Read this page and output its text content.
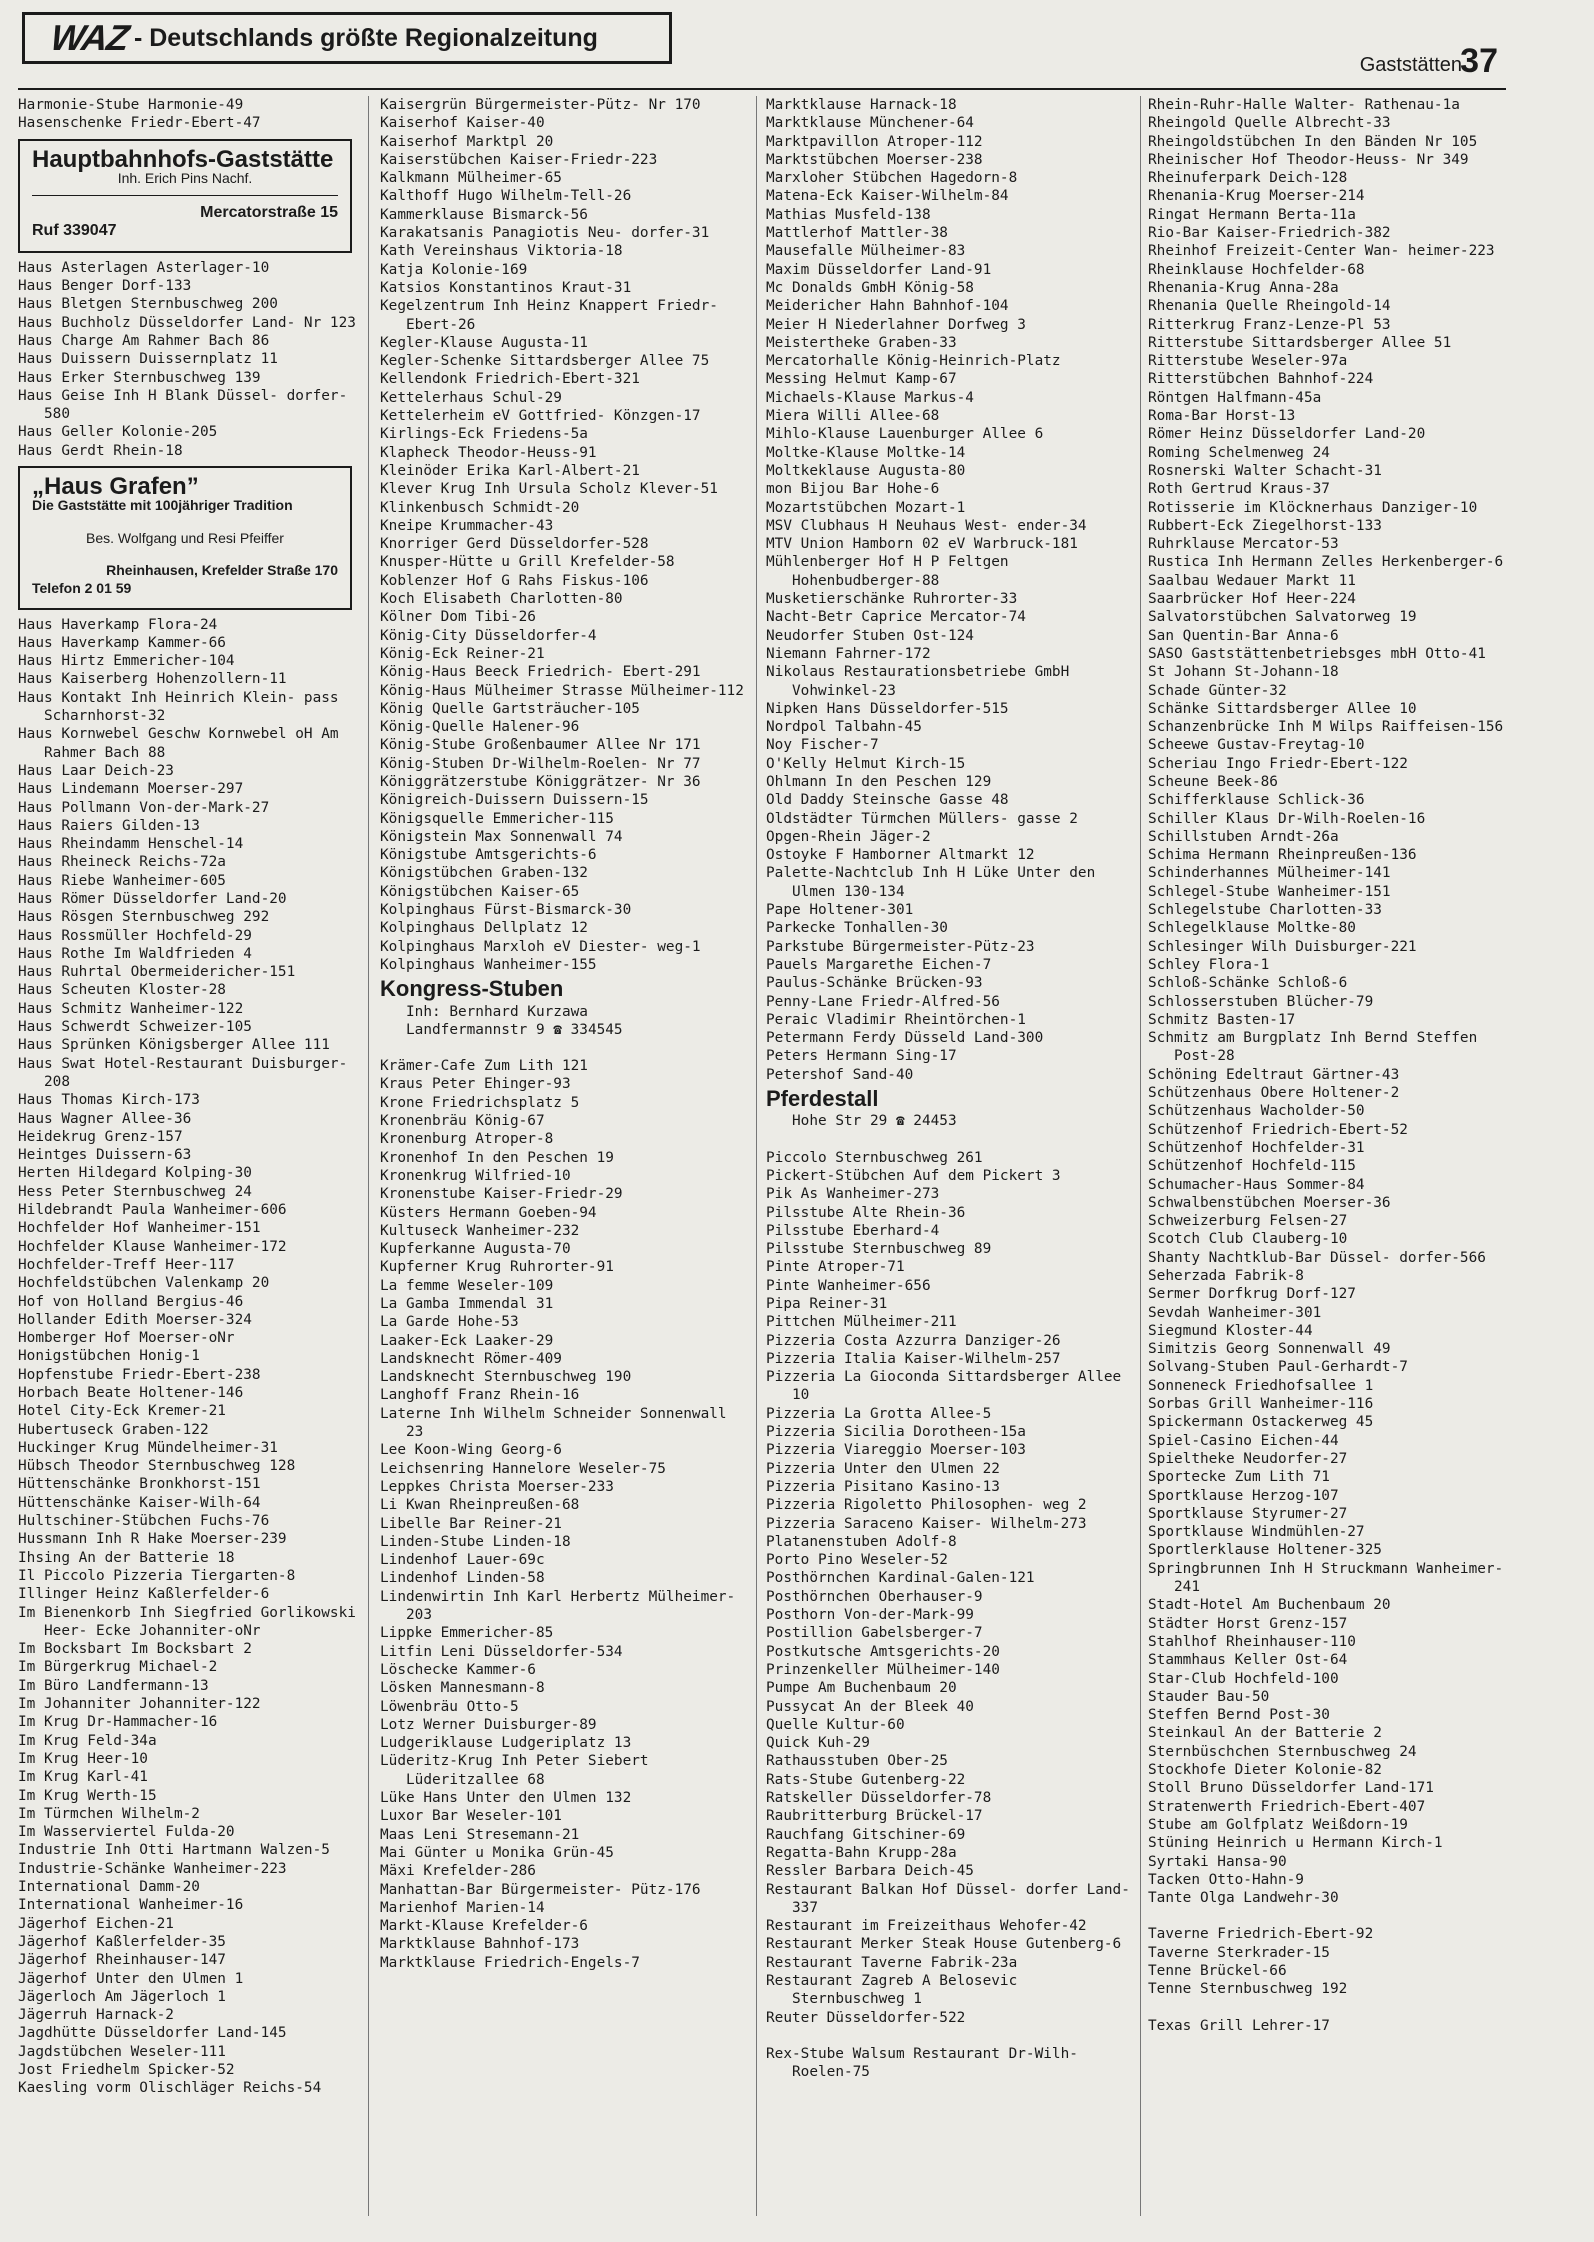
WAZ - Deutschlands größte Regionalzeitung
Gaststätten
37
Harmonie-Stube Harmonie-49
Hasenschenke Friedr-Ebert-47
Hauptbahnhofs-Gaststätte
Inh. Erich Pins Nachf.
Mercatorstraße 15
Ruf 339047
Haus Asterlagen Asterlager-10
Haus Benger Dorf-133
Haus Bletgen Sternbuschweg 200
Haus Buchholz Düsseldorfer Land- Nr 123
Haus Charge Am Rahmer Bach 86
Haus Duissern Duissernplatz 11
Haus Erker Sternbuschweg 139
Haus Geise Inh H Blank Düssel- dorfer-580
Haus Geller Kolonie-205
Haus Gerdt Rhein-18
„Haus Grafen”
Die Gaststätte mit 100jähriger Tradition
Bes. Wolfgang und Resi Pfeiffer
Rheinhausen, Krefelder Straße 170
Telefon 2 01 59
Haus Haverkamp Flora-24
Haus Haverkamp Kammer-66
Haus Hirtz Emmericher-104
Haus Kaiserberg Hohenzollern-11
Haus Kontakt Inh Heinrich Klein- pass Scharnhorst-32
Haus Kornwebel Geschw Kornwebel oH Am Rahmer Bach 88
Haus Laar Deich-23
Haus Lindemann Moerser-297
Haus Pollmann Von-der-Mark-27
Haus Raiers Gilden-13
Haus Rheindamm Henschel-14
Haus Rheineck Reichs-72a
Haus Riebe Wanheimer-605
Haus Römer Düsseldorfer Land-20
Haus Rösgen Sternbuschweg 292
Haus Rossmüller Hochfeld-29
Haus Rothe Im Waldfrieden 4
Haus Ruhrtal Obermeidericher-151
Haus Scheuten Kloster-28
Haus Schmitz Wanheimer-122
Haus Schwerdt Schweizer-105
Haus Sprünken Königsberger Allee 111
Haus Swat Hotel-Restaurant Duisburger-208
Haus Thomas Kirch-173
Haus Wagner Allee-36
Heidekrug Grenz-157
Heintges Duissern-63
Herten Hildegard Kolping-30
Hess Peter Sternbuschweg 24
Hildebrandt Paula Wanheimer-606
Hochfelder Hof Wanheimer-151
Hochfelder Klause Wanheimer-172
Hochfelder-Treff Heer-117
Hochfeldstübchen Valenkamp 20
Hof von Holland Bergius-46
Hollander Edith Moerser-324
Homberger Hof Moerser-oNr
Honigstübchen Honig-1
Hopfenstube Friedr-Ebert-238
Horbach Beate Holtener-146
Hotel City-Eck Kremer-21
Hubertuseck Graben-122
Huckinger Krug Mündelheimer-31
Hübsch Theodor Sternbuschweg 128
Hüttenschänke Bronkhorst-151
Hüttenschänke Kaiser-Wilh-64
Hultschiner-Stübchen Fuchs-76
Hussmann Inh R Hake Moerser-239
Ihsing An der Batterie 18
Il Piccolo Pizzeria Tiergarten-8
Illinger Heinz Kaßlerfelder-6
Im Bienenkorb Inh Siegfried Gorlikowski Heer- Ecke Johanniter-oNr
Im Bocksbart Im Bocksbart 2
Im Bürgerkrug Michael-2
Im Büro Landfermann-13
Im Johanniter Johanniter-122
Im Krug Dr-Hammacher-16
Im Krug Feld-34a
Im Krug Heer-10
Im Krug Karl-41
Im Krug Werth-15
Im Türmchen Wilhelm-2
Im Wasserviertel Fulda-20
Industrie Inh Otti Hartmann Walzen-5
Industrie-Schänke Wanheimer-223
International Damm-20
International Wanheimer-16
Jägerhof Eichen-21
Jägerhof Kaßlerfelder-35
Jägerhof Rheinhauser-147
Jägerhof Unter den Ulmen 1
Jägerloch Am Jägerloch 1
Jägerruh Harnack-2
Jagdhütte Düsseldorfer Land-145
Jagdstübchen Weseler-111
Jost Friedhelm Spicker-52
Kaesling vorm Olischläger Reichs-54
Kaisergrün Bürgermeister-Pütz- Nr 170
Kaiserhof Kaiser-40
Kaiserhof Marktpl 20
Kaiserstübchen Kaiser-Friedr-223
Kalkmann Mülheimer-65
Kalthoff Hugo Wilhelm-Tell-26
Kammerklause Bismarck-56
Karakatsanis Panagiotis Neu- dorfer-31
Kath Vereinshaus Viktoria-18
Katja Kolonie-169
Katsios Konstantinos Kraut-31
Kegelzentrum Inh Heinz Knappert Friedr-Ebert-26
Kegler-Klause Augusta-11
Kegler-Schenke Sittardsberger Allee 75
Kellendonk Friedrich-Ebert-321
Kettelerhaus Schul-29
Kettelerheim eV Gottfried- Könzgen-17
Kirlings-Eck Friedens-5a
Klapheck Theodor-Heuss-91
Kleinöder Erika Karl-Albert-21
Klever Krug Inh Ursula Scholz Klever-51
Klinkenbusch Schmidt-20
Kneipe Krummacher-43
Knorriger Gerd Düsseldorfer-528
Knusper-Hütte u Grill Krefelder-58
Koblenzer Hof G Rahs Fiskus-106
Koch Elisabeth Charlotten-80
Kölner Dom Tibi-26
König-City Düsseldorfer-4
König-Eck Reiner-21
König-Haus Beeck Friedrich- Ebert-291
König-Haus Mülheimer Strasse Mülheimer-112
König Quelle Gartsträucher-105
König-Quelle Halener-96
König-Stube Großenbaumer Allee Nr 171
König-Stuben Dr-Wilhelm-Roelen- Nr 77
Königgrätzerstube Königgrätzer- Nr 36
Königreich-Duissern Duissern-15
Königsquelle Emmericher-115
Königstein Max Sonnenwall 74
Königstube Amtsgerichts-6
Königstübchen Graben-132
Königstübchen Kaiser-65
Kolpinghaus Fürst-Bismarck-30
Kolpinghaus Dellplatz 12
Kolpinghaus Marxloh eV Diester- weg-1
Kolpinghaus Wanheimer-155
Kongress-Stuben
Inh: Bernhard Kurzawa
Landfermannstr 9 ☎ 334545
Krämer-Cafe Zum Lith 121
Kraus Peter Ehinger-93
Krone Friedrichsplatz 5
Kronenbräu König-67
Kronenburg Atroper-8
Kronenhof In den Peschen 19
Kronenkrug Wilfried-10
Kronenstube Kaiser-Friedr-29
Küsters Hermann Goeben-94
Kultuseck Wanheimer-232
Kupferkanne Augusta-70
Kupferner Krug Ruhrorter-91
La femme Weseler-109
La Gamba Immendal 31
La Garde Hohe-53
Laaker-Eck Laaker-29
Landsknecht Römer-409
Landsknecht Sternbuschweg 190
Langhoff Franz Rhein-16
Laterne Inh Wilhelm Schneider Sonnenwall 23
Lee Koon-Wing Georg-6
Leichsenring Hannelore Weseler-75
Leppkes Christa Moerser-233
Li Kwan Rheinpreußen-68
Libelle Bar Reiner-21
Linden-Stube Linden-18
Lindenhof Lauer-69c
Lindenhof Linden-58
Lindenwirtin Inh Karl Herbertz Mülheimer-203
Lippke Emmericher-85
Litfin Leni Düsseldorfer-534
Löschecke Kammer-6
Lösken Mannesmann-8
Löwenbräu Otto-5
Lotz Werner Duisburger-89
Ludgeriklause Ludgeriplatz 13
Lüderitz-Krug Inh Peter Siebert Lüderitzallee 68
Lüke Hans Unter den Ulmen 132
Luxor Bar Weseler-101
Maas Leni Stresemann-21
Mai Günter u Monika Grün-45
Mäxi Krefelder-286
Manhattan-Bar Bürgermeister- Pütz-176
Marienhof Marien-14
Markt-Klause Krefelder-6
Marktklause Bahnhof-173
Marktklause Friedrich-Engels-7
Marktklause Harnack-18
Marktklause Münchener-64
Marktpavillon Atroper-112
Marktstübchen Moerser-238
Marxloher Stübchen Hagedorn-8
Matena-Eck Kaiser-Wilhelm-84
Mathias Musfeld-138
Mattlerhof Mattler-38
Mausefalle Mülheimer-83
Maxim Düsseldorfer Land-91
Mc Donalds GmbH König-58
Meidericher Hahn Bahnhof-104
Meier H Niederlahner Dorfweg 3
Meistertheke Graben-33
Mercatorhalle König-Heinrich-Platz
Messing Helmut Kamp-67
Michaels-Klause Markus-4
Miera Willi Allee-68
Mihlo-Klause Lauenburger Allee 6
Moltke-Klause Moltke-14
Moltkeklause Augusta-80
mon Bijou Bar Hohe-6
Mozartstübchen Mozart-1
MSV Clubhaus H Neuhaus West- ender-34
MTV Union Hamborn 02 eV Warbruck-181
Mühlenberger Hof H P Feltgen Hohenbudberger-88
Musketierschänke Ruhrorter-33
Nacht-Betr Caprice Mercator-74
Neudorfer Stuben Ost-124
Niemann Fahrner-172
Nikolaus Restaurationsbetriebe GmbH Vohwinkel-23
Nipken Hans Düsseldorfer-515
Nordpol Talbahn-45
Noy Fischer-7
O'Kelly Helmut Kirch-15
Ohlmann In den Peschen 129
Old Daddy Steinsche Gasse 48
Oldstädter Türmchen Müllers- gasse 2
Opgen-Rhein Jäger-2
Ostoyke F Hamborner Altmarkt 12
Palette-Nachtclub Inh H Lüke Unter den Ulmen 130-134
Pape Holtener-301
Parkecke Tonhallen-30
Parkstube Bürgermeister-Pütz-23
Pauels Margarethe Eichen-7
Paulus-Schänke Brücken-93
Penny-Lane Friedr-Alfred-56
Peraic Vladimir Rheintörchen-1
Petermann Ferdy Düsseld Land-300
Peters Hermann Sing-17
Petershof Sand-40
Pferdestall
Hohe Str 29 ☎ 24453
Piccolo Sternbuschweg 261
Pickert-Stübchen Auf dem Pickert 3
Pik As Wanheimer-273
Pilsstube Alte Rhein-36
Pilsstube Eberhard-4
Pilsstube Sternbuschweg 89
Pinte Atroper-71
Pinte Wanheimer-656
Pipa Reiner-31
Pittchen Mülheimer-211
Pizzeria Costa Azzurra Danziger-26
Pizzeria Italia Kaiser-Wilhelm-257
Pizzeria La Gioconda Sittardsberger Allee 10
Pizzeria La Grotta Allee-5
Pizzeria Sicilia Dorotheen-15a
Pizzeria Viareggio Moerser-103
Pizzeria Unter den Ulmen 22
Pizzeria Pisitano Kasino-13
Pizzeria Rigoletto Philosophen- weg 2
Pizzeria Saraceno Kaiser- Wilhelm-273
Platanenstuben Adolf-8
Porto Pino Weseler-52
Posthörnchen Kardinal-Galen-121
Posthörnchen Oberhauser-9
Posthorn Von-der-Mark-99
Postillion Gabelsberger-7
Postkutsche Amtsgerichts-20
Prinzenkeller Mülheimer-140
Pumpe Am Buchenbaum 20
Pussycat An der Bleek 40
Quelle Kultur-60
Quick Kuh-29
Rathausstuben Ober-25
Rats-Stube Gutenberg-22
Ratskeller Düsseldorfer-78
Raubritterburg Brückel-17
Rauchfang Gitschiner-69
Regatta-Bahn Krupp-28a
Ressler Barbara Deich-45
Restaurant Balkan Hof Düssel- dorfer Land-337
Restaurant im Freizeithaus Wehofer-42
Restaurant Merker Steak House Gutenberg-6
Restaurant Taverne Fabrik-23a
Restaurant Zagreb A Belosevic Sternbuschweg 1
Reuter Düsseldorfer-522
Rex-Stube Walsum Restaurant Dr-Wilh-Roelen-75
Rhein-Ruhr-Halle Walter- Rathenau-1a
Rheingold Quelle Albrecht-33
Rheingoldstübchen In den Bänden Nr 105
Rheinischer Hof Theodor-Heuss- Nr 349
Rheinuferpark Deich-128
Rhenania-Krug Moerser-214
Ringat Hermann Berta-11a
Rio-Bar Kaiser-Friedrich-382
Rheinhof Freizeit-Center Wan- heimer-223
Rheinklause Hochfelder-68
Rhenania-Krug Anna-28a
Rhenania Quelle Rheingold-14
Ritterkrug Franz-Lenze-Pl 53
Ritterstube Sittardsberger Allee 51
Ritterstube Weseler-97a
Ritterstübchen Bahnhof-224
Röntgen Halfmann-45a
Roma-Bar Horst-13
Römer Heinz Düsseldorfer Land-20
Roming Schelmenweg 24
Rosnerski Walter Schacht-31
Roth Gertrud Kraus-37
Rotisserie im Klöcknerhaus Danziger-10
Rubbert-Eck Ziegelhorst-133
Ruhrklause Mercator-53
Rustica Inh Hermann Zelles Herkenberger-6
Saalbau Wedauer Markt 11
Saarbrücker Hof Heer-224
Salvatorstübchen Salvatorweg 19
San Quentin-Bar Anna-6
SASO Gaststättenbetriebsges mbH Otto-41
St Johann St-Johann-18
Schade Günter-32
Schänke Sittardsberger Allee 10
Schanzenbrücke Inh M Wilps Raiffeisen-156
Scheewe Gustav-Freytag-10
Scheriau Ingo Friedr-Ebert-122
Scheune Beek-86
Schifferklause Schlick-36
Schiller Klaus Dr-Wilh-Roelen-16
Schillstuben Arndt-26a
Schima Hermann Rheinpreußen-136
Schinderhannes Mülheimer-141
Schlegel-Stube Wanheimer-151
Schlegelstube Charlotten-33
Schlegelklause Moltke-80
Schlesinger Wilh Duisburger-221
Schley Flora-1
Schloß-Schänke Schloß-6
Schlosserstuben Blücher-79
Schmitz Basten-17
Schmitz am Burgplatz Inh Bernd Steffen Post-28
Schöning Edeltraut Gärtner-43
Schützenhaus Obere Holtener-2
Schützenhaus Wacholder-50
Schützenhof Friedrich-Ebert-52
Schützenhof Hochfelder-31
Schützenhof Hochfeld-115
Schumacher-Haus Sommer-84
Schwalbenstübchen Moerser-36
Schweizerburg Felsen-27
Scotch Club Clauberg-10
Shanty Nachtklub-Bar Düssel- dorfer-566
Seherzada Fabrik-8
Sermer Dorfkrug Dorf-127
Sevdah Wanheimer-301
Siegmund Kloster-44
Simitzis Georg Sonnenwall 49
Solvang-Stuben Paul-Gerhardt-7
Sonneneck Friedhofsallee 1
Sorbas Grill Wanheimer-116
Spickermann Ostackerweg 45
Spiel-Casino Eichen-44
Spieltheke Neudorfer-27
Sportecke Zum Lith 71
Sportklause Herzog-107
Sportklause Styrumer-27
Sportklause Windmühlen-27
Sportlerklause Holtener-325
Springbrunnen Inh H Struckmann Wanheimer-241
Stadt-Hotel Am Buchenbaum 20
Städter Horst Grenz-157
Stahlhof Rheinhauser-110
Stammhaus Keller Ost-64
Star-Club Hochfeld-100
Stauder Bau-50
Steffen Bernd Post-30
Steinkaul An der Batterie 2
Sternbüschchen Sternbuschweg 24
Stockhofe Dieter Kolonie-82
Stoll Bruno Düsseldorfer Land-171
Stratenwerth Friedrich-Ebert-407
Stube am Golfplatz Weißdorn-19
Stüning Heinrich u Hermann Kirch-1
Syrtaki Hansa-90
Tacken Otto-Hahn-9
Tante Olga Landwehr-30
Taverne Friedrich-Ebert-92
Taverne Sterkrader-15
Tenne Brückel-66
Tenne Sternbuschweg 192
Texas Grill Lehrer-17
